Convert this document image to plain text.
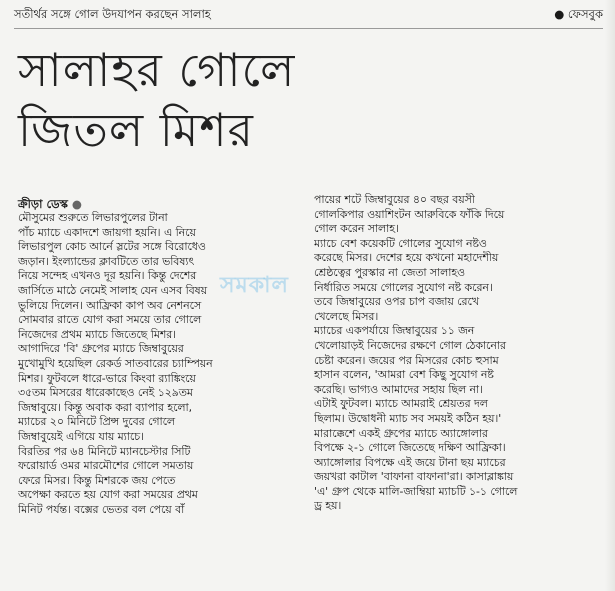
সতীর্থর সঙ্গে গোল উদযাপন করছেন সালাহ	● ফেসবুক
সালাহর গোলে
জিতল মিশর
ক্রীড়া ডেস্ক ●
মৌসুমের শুরুতে লিভারপুলের টানা
পাঁচ ম্যাচে একাদশে জায়গা হয়নি। এ নিয়ে
লিভারপুল কোচ আর্নে স্লটের সঙ্গে বিরোধেও
জড়ান। ইংল্যান্ডের ক্লাবটিতে তার ভবিষ্যৎ
নিয়ে সন্দেহ এখনও দূর হয়নি। কিন্তু দেশের
জার্সিতে মাঠে নেমেই সালাহ যেন এসব বিষয়
ভুলিয়ে দিলেন। আফ্রিকা কাপ অব নেশনসে
সোমবার রাতে যোগ করা সময়ে তার গোলে
নিজেদের প্রথম ম্যাচে জিতেছে মিশর।
আগাদিরে 'বি' গ্রুপের ম্যাচে জিম্বাবুয়ের
মুখোমুখি হয়েছিল রেকর্ড সাতবারের চ্যাম্পিয়ন
মিশর। ফুটবলে ধারে-ভারে কিংবা র‍্যাঙ্কিংয়ে
৩৫তম মিসরের ধারেকাছেও নেই ১২৯তম
জিম্বাবুয়ে। কিন্তু অবাক করা ব্যাপার হলো,
ম্যাচের ২০ মিনিটে প্রিন্স দুবের গোলে
জিম্বাবুয়েই এগিয়ে যায় ম্যাচে।
বিরতির পর ৬৪ মিনিটে ম্যানচেস্টার সিটি
ফরোয়ার্ড ওমর মারমৌশের গোলে সমতায়
ফেরে মিসর। কিন্তু মিশরকে জয় পেতে
অপেক্ষা করতে হয় যোগ করা সময়ের প্রথম
মিনিট পর্যন্ত। বক্সের ভেতর বল পেয়ে বাঁ
পায়ের শটে জিম্বাবুয়ের ৪০ বছর বয়সী
গোলকিপার ওয়াশিংটন আরুবিকে ফাঁকি দিয়ে
গোল করেন সালাহ।
ম্যাচে বেশ কয়েকটি গোলের সুযোগ নষ্টও
করেছে মিসর। দেশের হয়ে কখনো মহাদেশীয়
শ্রেষ্ঠত্বের পুরস্কার না জেতা সালাহও
নির্ধারিত সময়ে গোলের সুযোগ নষ্ট করেন।
তবে জিম্বাবুয়ের ওপর চাপ বজায় রেখে
খেলেছে মিসর।
ম্যাচের একপর্যায়ে জিম্বাবুয়ের ১১ জন
খেলোয়াড়ই নিজেদের রক্ষণে গোল ঠেকানোর
চেষ্টা করেন। জয়ের পর মিসরের কোচ হুসাম
হাসান বলেন, 'আমরা বেশ কিছু সুযোগ নষ্ট
করেছি। ভাগ্যও আমাদের সহায় ছিল না।
এটাই ফুটবল। ম্যাচে আমরাই শ্রেয়তর দল
ছিলাম। উদ্বোধনী ম্যাচ সব সময়ই কঠিন হয়।'
মারাক্কেশে একই গ্রুপের ম্যাচে অ্যাঙ্গোলার
বিপক্ষে ২-১ গোলে জিতেছে দক্ষিণ আফ্রিকা।
অ্যাঙ্গোলার বিপক্ষে এই জয়ে টানা ছয় ম্যাচের
জয়খরা কাটাল 'বাফানা বাফানা'রা। কাসাব্লাঙ্কায়
'এ' গ্রুপ থেকে মালি-জাম্বিয়া ম্যাচটি ১-১ গোলে
ড্র হয়।
সমকাল
